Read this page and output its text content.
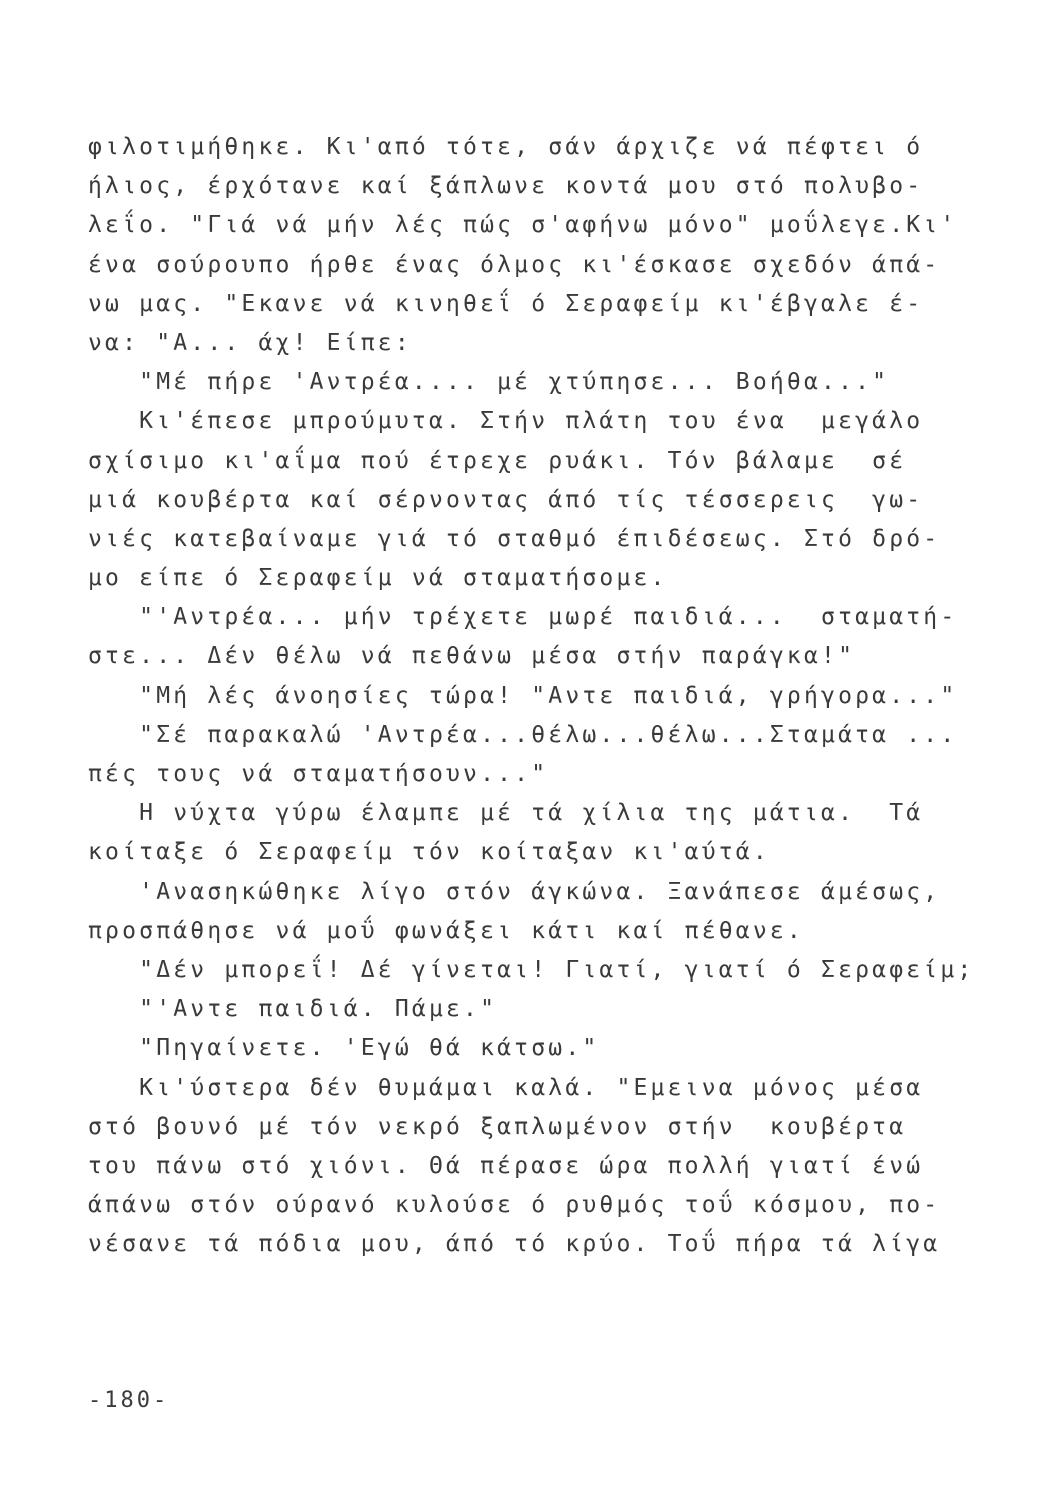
φιλοτιμήθηκε. Κι'από τότε, σάν άρχιζε νά πέφτει ό
ήλιος, έρχότανε καί ξάπλωνε κοντά μου στό πολυβο-
λεΐο. "Γιά νά μήν λές πώς σ'αφήνω μόνο" μοΰλεγε.Κι'
ένα σούρουπο ήρθε ένας όλμος κι'έσκασε σχεδόν άπά-
νω μας. "Εκανε νά κινηθεΐ ό Σεραφείμ κι'έβγαλε έ-
να: "Α... άχ! Είπε:
"Μέ πήρε 'Αντρέα.... μέ χτύπησε... Βοήθα..."
Κι'έπεσε μπρούμυτα. Στήν πλάτη του ένα  μεγάλο
σχίσιμο κι'αΐμα πού έτρεχε ρυάκι. Τόν βάλαμε  σέ
μιά κουβέρτα καί σέρνοντας άπό τίς τέσσερεις  γω-
νιές κατεβαίναμε γιά τό σταθμό έπιδέσεως. Στό δρό-
μο είπε ό Σεραφείμ νά σταματήσομε.
"'Αντρέα... μήν τρέχετε μωρέ παιδιά...  σταματή-
στε... Δέν θέλω νά πεθάνω μέσα στήν παράγκα!"
"Μή λές άνοησίες τώρα! "Αντε παιδιά, γρήγορα..."
"Σέ παρακαλώ 'Αντρέα...θέλω...θέλω...Σταμάτα ...
πές τους νά σταματήσουν..."
Η νύχτα γύρω έλαμπε μέ τά χίλια της μάτια.  Τά
κοίταξε ό Σεραφείμ τόν κοίταξαν κι'αύτά.
'Ανασηκώθηκε λίγο στόν άγκώνα. Ξανάπεσε άμέσως,
προσπάθησε νά μοΰ φωνάξει κάτι καί πέθανε.
"Δέν μπορεΐ! Δέ γίνεται! Γιατί, γιατί ό Σεραφείμ;
"'Αντε παιδιά. Πάμε."
"Πηγαίνετε. 'Εγώ θά κάτσω."
Κι'ύστερα δέν θυμάμαι καλά. "Εμεινα μόνος μέσα
στό βουνό μέ τόν νεκρό ξαπλωμένον στήν  κουβέρτα
του πάνω στό χιόνι. Θά πέρασε ώρα πολλή γιατί ένώ
άπάνω στόν ούρανό κυλούσε ό ρυθμός τοΰ κόσμου, πο-
νέσανε τά πόδια μου, άπό τό κρύο. Τοΰ πήρα τά λίγα
-180-
